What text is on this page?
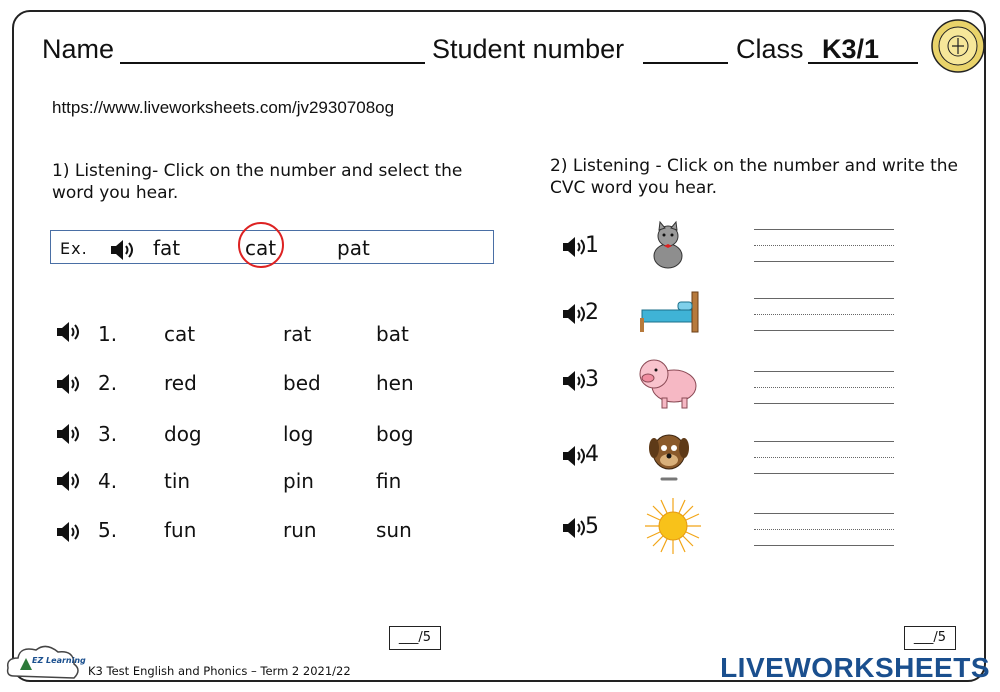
Name	Student number	Class K3/1
https://www.liveworksheets.com/jv2930708og
1) Listening- Click on the number and select the word you hear.
Ex.	fat	cat	pat
1. cat	rat	bat
2. red	bed	hen
3. dog	log	bog
4. tin	pin	fin
5. fun	run	sun
___/5
2) Listening - Click on the number and write the CVC word you hear.
1
2
3
4
5
___/5
EZ Learning
K3 Test English and Phonics – Term 2 2021/22	LIVEWORKSHEETS
